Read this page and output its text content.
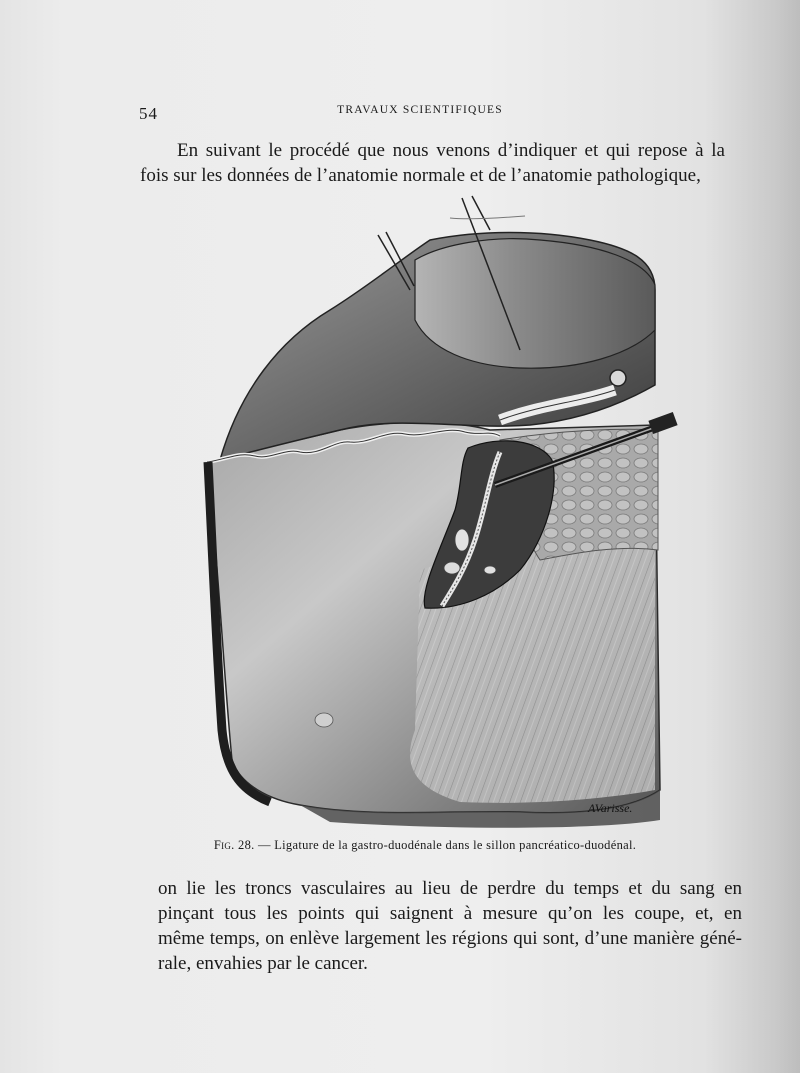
54	TRAVAUX SCIENTIFIQUES

En suivant le procédé que nous venons d’indiquer et qui repose à la
fois sur les données de l’anatomie normale et de l’anatomie pathologique,

AVarisse.
Fig. 28. — Ligature de la gastro-duodénale dans le sillon pancréatico-duodénal.

on lie les troncs vasculaires au lieu de perdre du temps et du sang en
pinçant tous les points qui saignent à mesure qu’on les coupe, et, en
même temps, on enlève largement les régions qui sont, d’une manière géné-
rale, envahies par le cancer.
